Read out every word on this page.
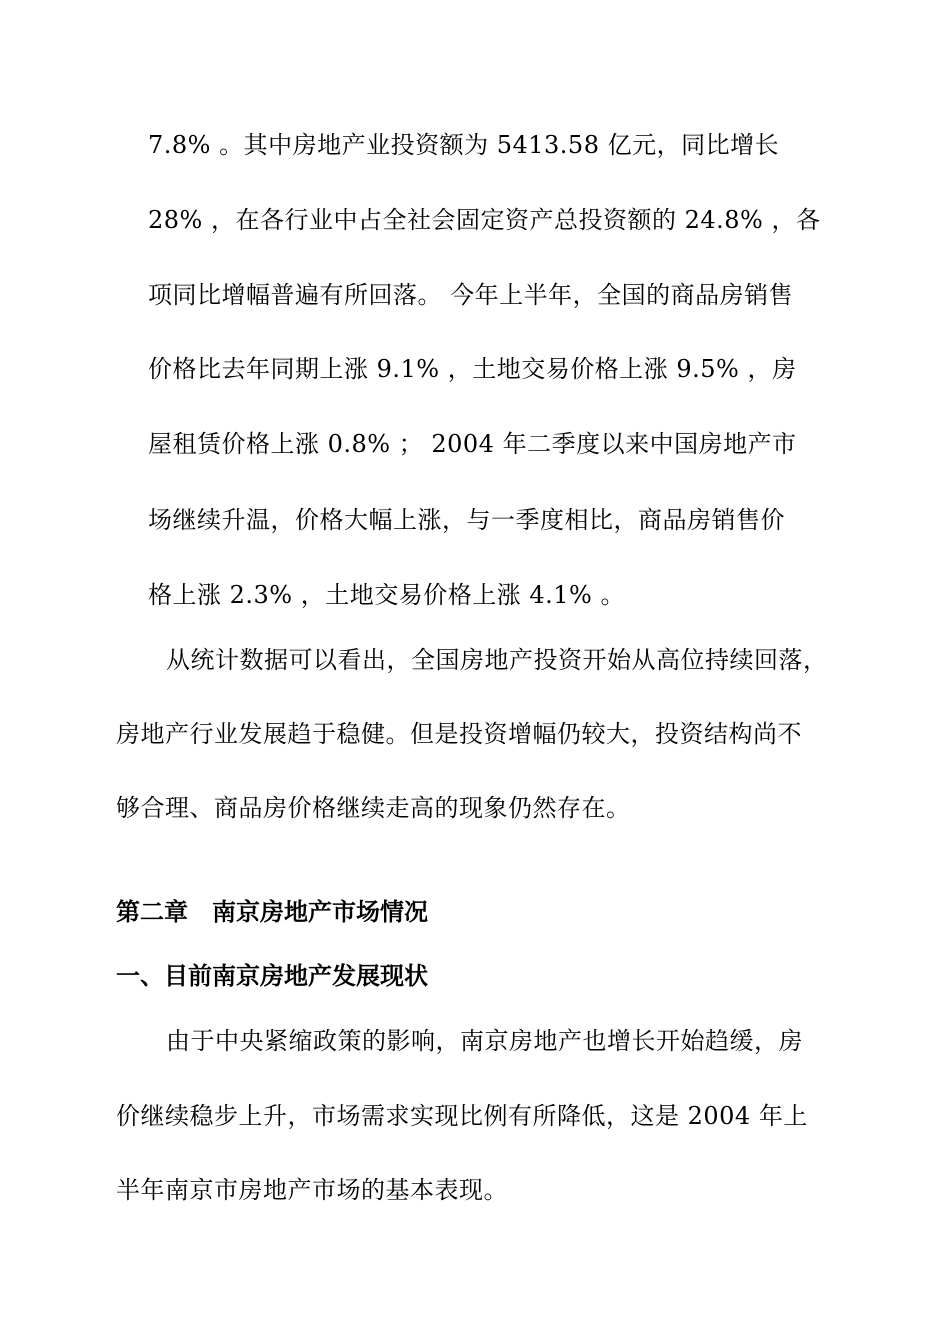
7.8% 。其中房地产业投资额为 5413.58 亿元，同比增长
28% ，在各行业中占全社会固定资产总投资额的 24.8% ，各
项同比增幅普遍有所回落。 今年上半年，全国的商品房销售
价格比去年同期上涨 9.1% ，土地交易价格上涨 9.5% ，房
屋租赁价格上涨 0.8% ； 2004 年二季度以来中国房地产市
场继续升温，价格大幅上涨，与一季度相比，商品房销售价
格上涨 2.3% ，土地交易价格上涨 4.1% 。
从统计数据可以看出，全国房地产投资开始从高位持续回落，
房地产行业发展趋于稳健。但是投资增幅仍较大，投资结构尚不
够合理、商品房价格继续走高的现象仍然存在。
第二章　南京房地产市场情况
一、目前南京房地产发展现状
由于中央紧缩政策的影响，南京房地产也增长开始趋缓，房
价继续稳步上升，市场需求实现比例有所降低，这是 2004 年上
半年南京市房地产市场的基本表现。
